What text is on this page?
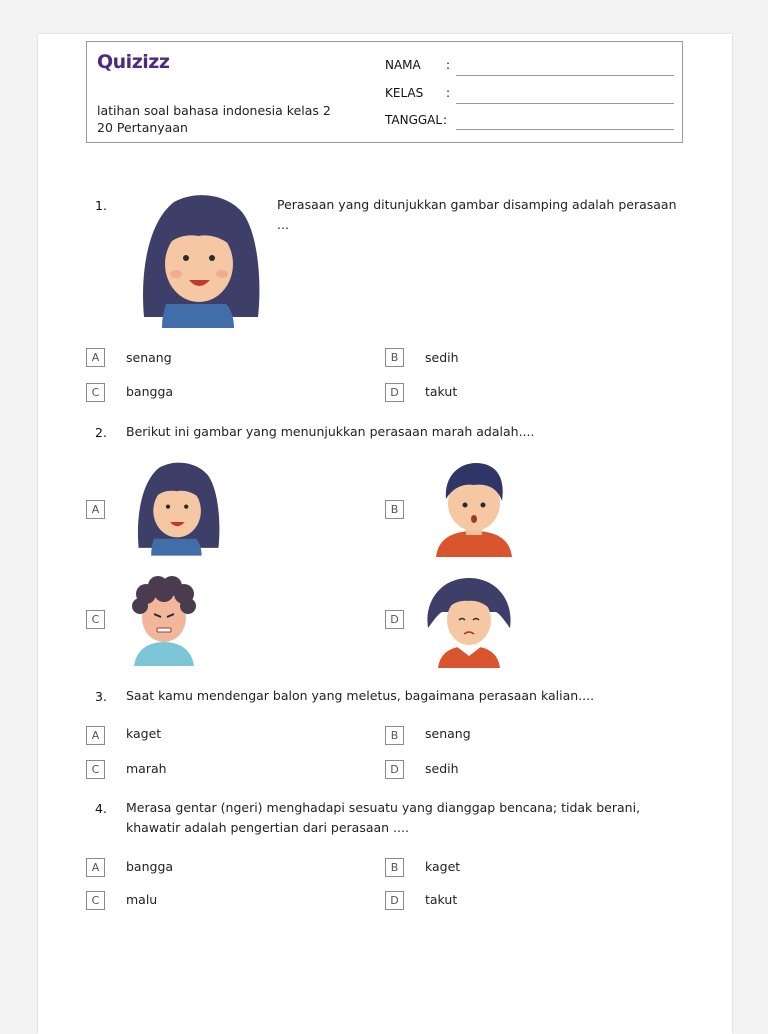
Quizizz
latihan soal bahasa indonesia kelas 2
20 Pertanyaan
NAMA :
KELAS :
TANGGAL :
1.	Perasaan yang ditunjukkan gambar disamping adalah perasaan ...
A	senang	B	sedih
C	bangga	D	takut
2. Berikut ini gambar yang menunjukkan perasaan marah adalah....
A	B
C	D
3. Saat kamu mendengar balon yang meletus, bagaimana perasaan kalian....
A	kaget	B	senang
C	marah	D	sedih
4. Merasa gentar (ngeri) menghadapi sesuatu yang dianggap bencana; tidak berani,
khawatir adalah pengertian dari perasaan ....
A	bangga	B	kaget
C	malu	D	takut
